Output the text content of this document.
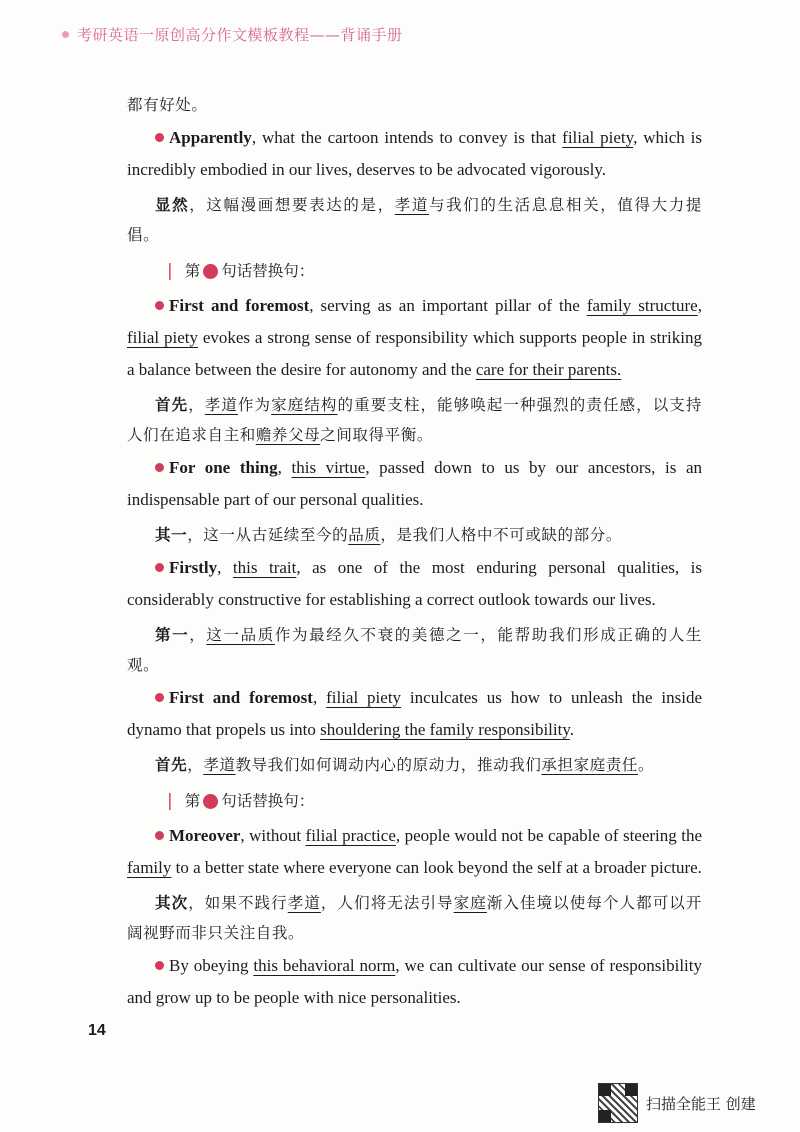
考研英语一原创高分作文模板教程——背诵手册

都有好处。

Apparently, what the cartoon intends to convey is that filial piety, which is incredibly embodied in our lives, deserves to be advocated vigorously.

显然，这幅漫画想要表达的是，孝道与我们的生活息息相关，值得大力提倡。

| 第 句话替换句：

First and foremost, serving as an important pillar of the family structure, filial piety evokes a strong sense of responsibility which supports people in striking a balance between the desire for autonomy and the care for their parents.

首先，孝道作为家庭结构的重要支柱，能够唤起一种强烈的责任感，以支持人们在追求自主和赡养父母之间取得平衡。

For one thing, this virtue, passed down to us by our ancestors, is an indispensable part of our personal qualities.

其一，这一从古延续至今的品质，是我们人格中不可或缺的部分。

Firstly, this trait, as one of the most enduring personal qualities, is considerably constructive for establishing a correct outlook towards our lives.

第一，这一品质作为最经久不衰的美德之一，能帮助我们形成正确的人生观。

First and foremost, filial piety inculcates us how to unleash the inside dynamo that propels us into shouldering the family responsibility.

首先，孝道教导我们如何调动内心的原动力，推动我们承担家庭责任。

| 第 句话替换句：

Moreover, without filial practice, people would not be capable of steering the family to a better state where everyone can look beyond the self at a broader picture.

其次，如果不践行孝道，人们将无法引导家庭渐入佳境以使每个人都可以开阔视野而非只关注自我。

By obeying this behavioral norm, we can cultivate our sense of responsibility and grow up to be people with nice personalities.

14
扫描全能王 创建
